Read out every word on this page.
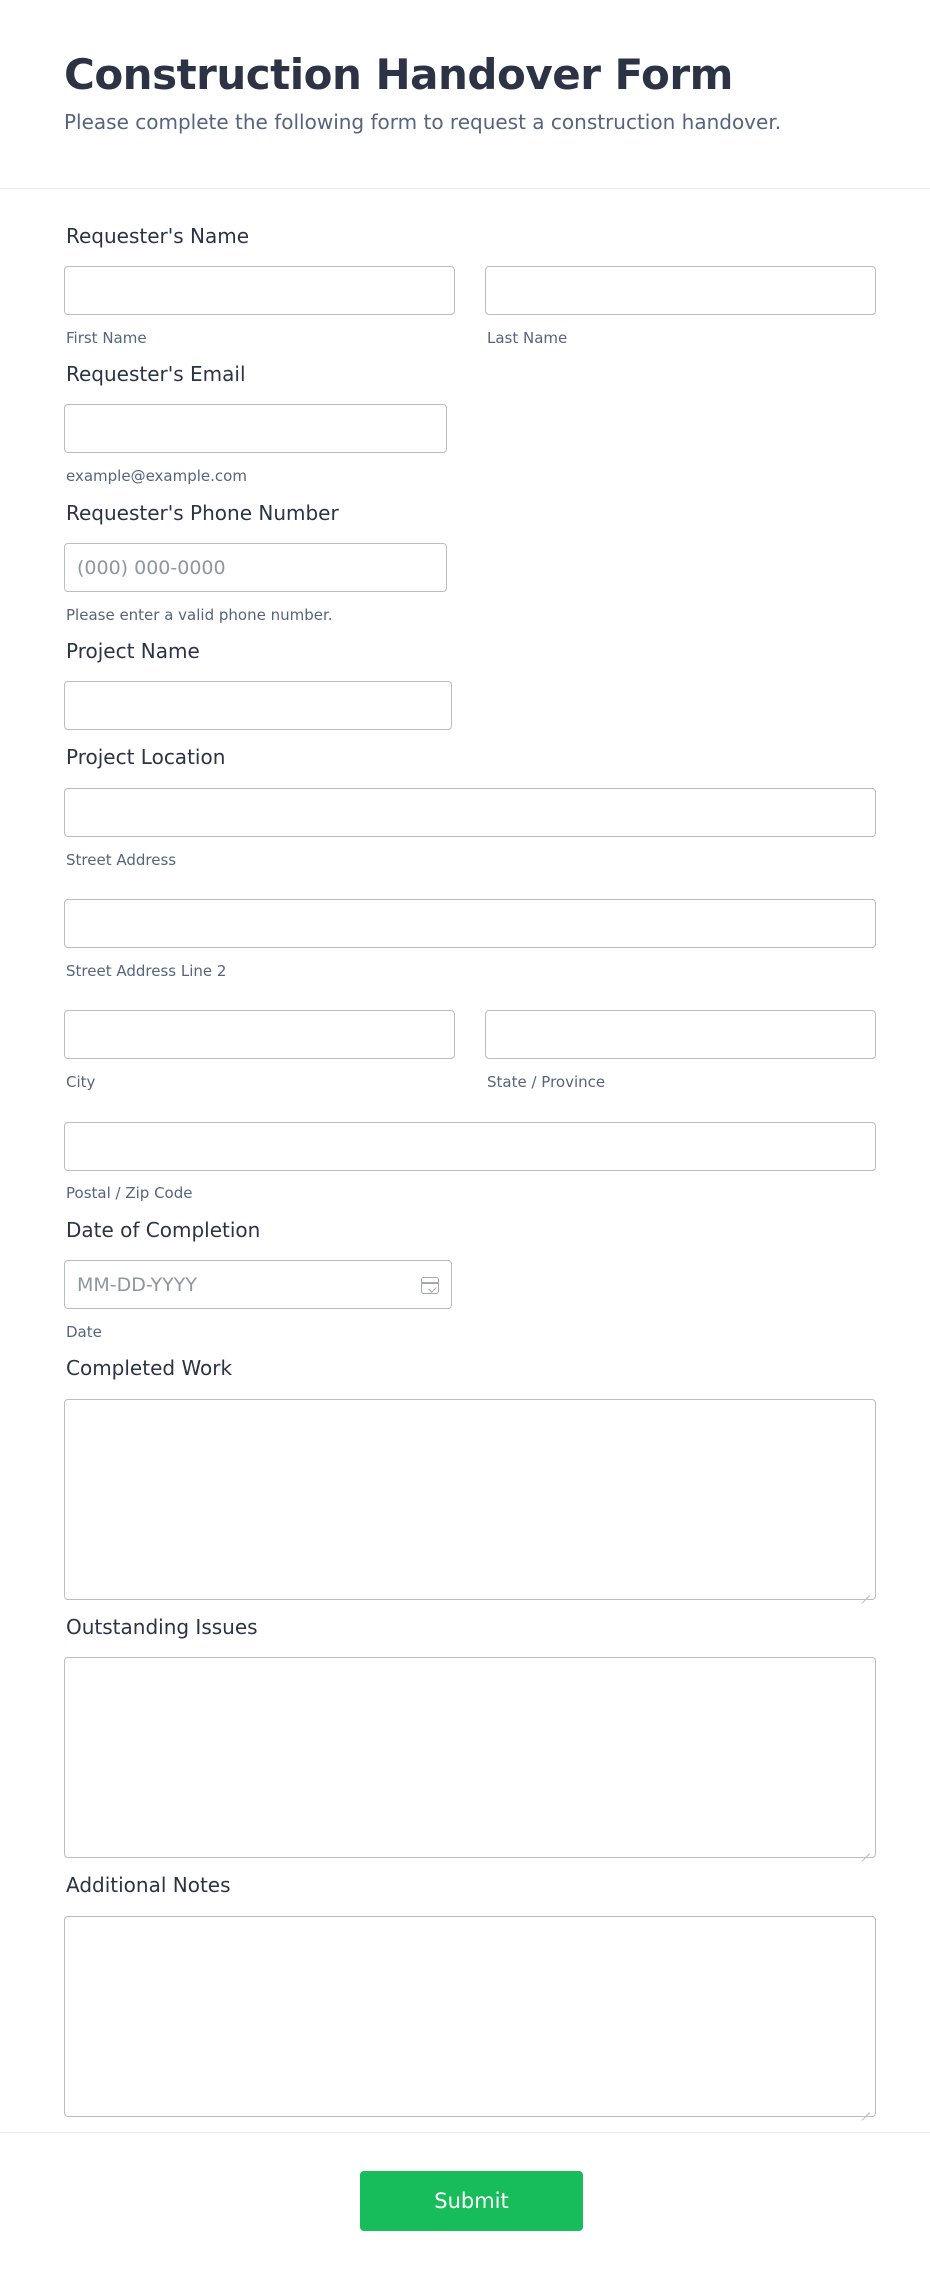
Construction Handover Form
Please complete the following form to request a construction handover.
Requester's Name
First Name	Last Name
Requester's Email
example@example.com
Requester's Phone Number
(000) 000-0000
Please enter a valid phone number.
Project Name
Project Location
Street Address
Street Address Line 2
City	State / Province
Postal / Zip Code
Date of Completion
MM-DD-YYYY
Date
Completed Work
Outstanding Issues
Additional Notes
Submit
